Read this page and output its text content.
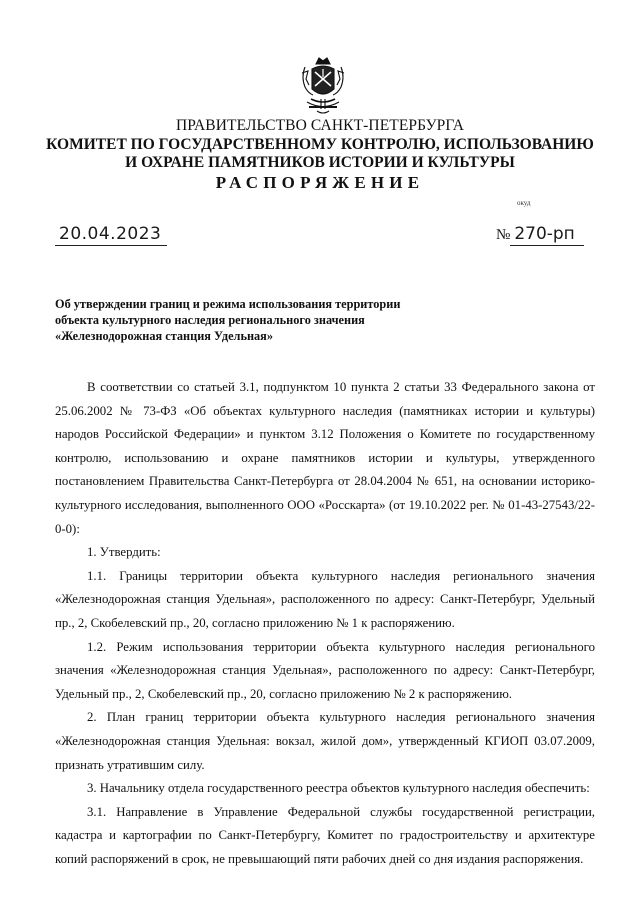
ПРАВИТЕЛЬСТВО САНКТ-ПЕТЕРБУРГА
КОМИТЕТ ПО ГОСУДАРСТВЕННОМУ КОНТРОЛЮ, ИСПОЛЬЗОВАНИЮ
И ОХРАНЕ ПАМЯТНИКОВ ИСТОРИИ И КУЛЬТУРЫ
РАСПОРЯЖЕНИЕ
окуд
20.04.2023	№ 270-рп
Об утверждении границ и режима использования территории
объекта культурного наследия регионального значения
«Железнодорожная станция Удельная»

В соответствии со статьей 3.1, подпунктом 10 пункта 2 статьи 33 Федерального закона от 25.06.2002 № 73-ФЗ «Об объектах культурного наследия (памятниках истории и культуры) народов Российской Федерации» и пунктом 3.12 Положения о Комитете по государственному контролю, использованию и охране памятников истории и культуры, утвержденного постановлением Правительства Санкт-Петербурга от 28.04.2004 № 651, на основании историко-культурного исследования, выполненного ООО «Росскарта» (от 19.10.2022 рег. № 01-43-27543/22-0-0):

1. Утвердить:

1.1. Границы территории объекта культурного наследия регионального значения «Железнодорожная станция Удельная», расположенного по адресу: Санкт-Петербург, Удельный пр., 2, Скобелевский пр., 20, согласно приложению № 1 к распоряжению.

1.2. Режим использования территории объекта культурного наследия регионального значения «Железнодорожная станция Удельная», расположенного по адресу: Санкт-Петербург, Удельный пр., 2, Скобелевский пр., 20, согласно приложению № 2 к распоряжению.

2. План границ территории объекта культурного наследия регионального значения «Железнодорожная станция Удельная: вокзал, жилой дом», утвержденный КГИОП 03.07.2009, признать утратившим силу.

3. Начальнику отдела государственного реестра объектов культурного наследия обеспечить:

3.1. Направление в Управление Федеральной службы государственной регистрации, кадастра и картографии по Санкт-Петербургу, Комитет по градостроительству и архитектуре копий распоряжений в срок, не превышающий пяти рабочих дней со дня издания распоряжения.
